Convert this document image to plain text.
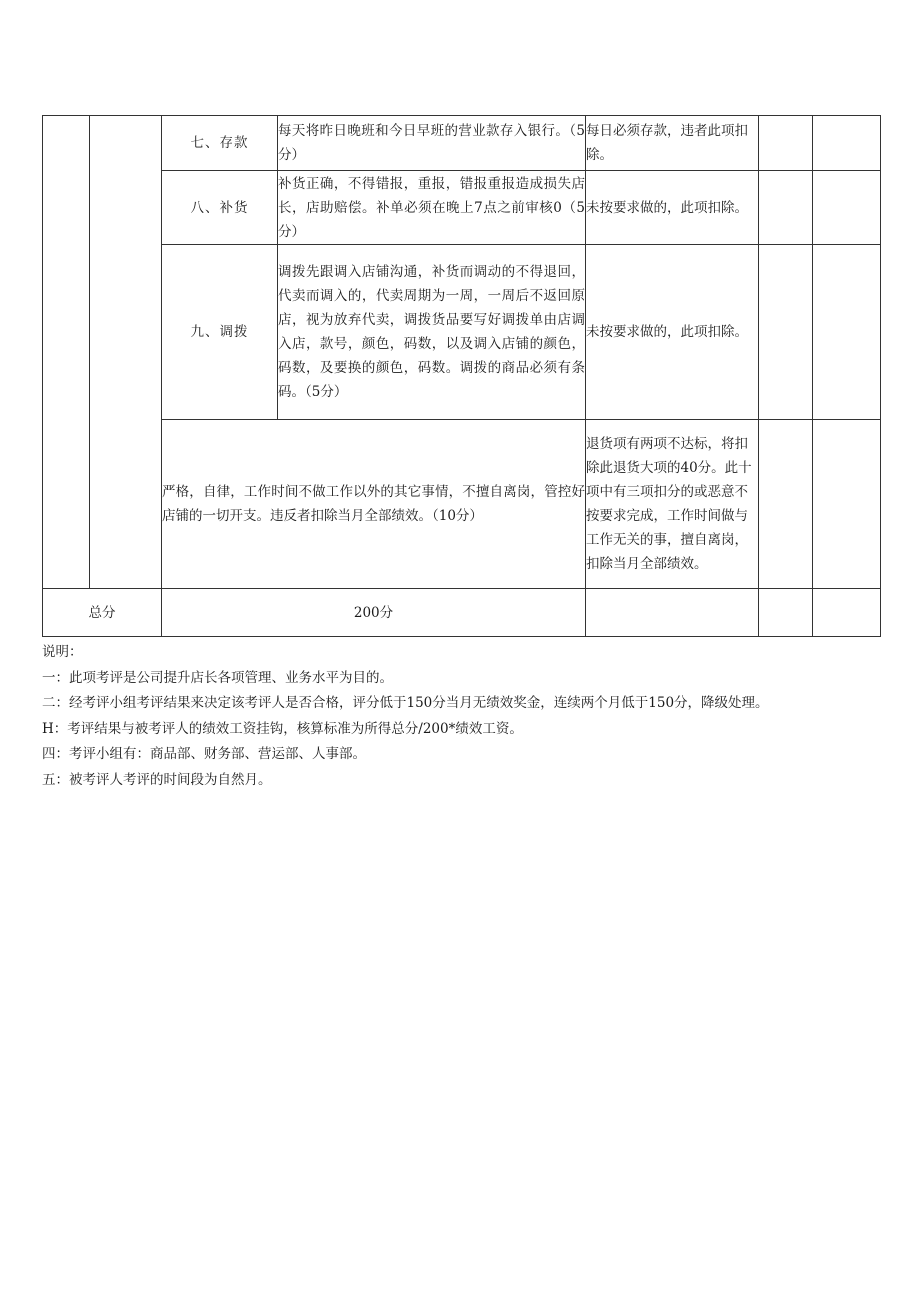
		七、存款	每天将昨日晚班和今日早班的营业款存入银行。（5分）	每日必须存款，违者此项扣除。		
		八、补货	补货正确，不得错报，重报，错报重报造成损失店长，店助赔偿。补单必须在晚上7点之前审核0（5分）	未按要求做的，此项扣除。		
		九、调拨	调拨先跟调入店铺沟通，补货而调动的不得退回，代卖而调入的，代卖周期为一周，一周后不返回原店，视为放弃代卖，调拨货品要写好调拨单由店调入店，款号，颜色，码数，以及调入店铺的颜色，码数，及要换的颜色，码数。调拨的商品必须有条码。（5分）	未按要求做的，此项扣除。		
		严格，自律，工作时间不做工作以外的其它事情，不擅自离岗，管控好店铺的一切开支。违反者扣除当月全部绩效。（10分）		退货项有两项不达标，将扣除此退货大项的40分。此十项中有三项扣分的或恶意不按要求完成，工作时间做与工作无关的事，擅自离岗，扣除当月全部绩效。		
总分		200分				
说明：
一：此项考评是公司提升店长各项管理、业务水平为目的。
二：经考评小组考评结果来决定该考评人是否合格，评分低于150分当月无绩效奖金，连续两个月低于150分，降级处理。
H：考评结果与被考评人的绩效工资挂钩，核算标准为所得总分/200*绩效工资。
四：考评小组有：商品部、财务部、营运部、人事部。
五：被考评人考评的时间段为自然月。
